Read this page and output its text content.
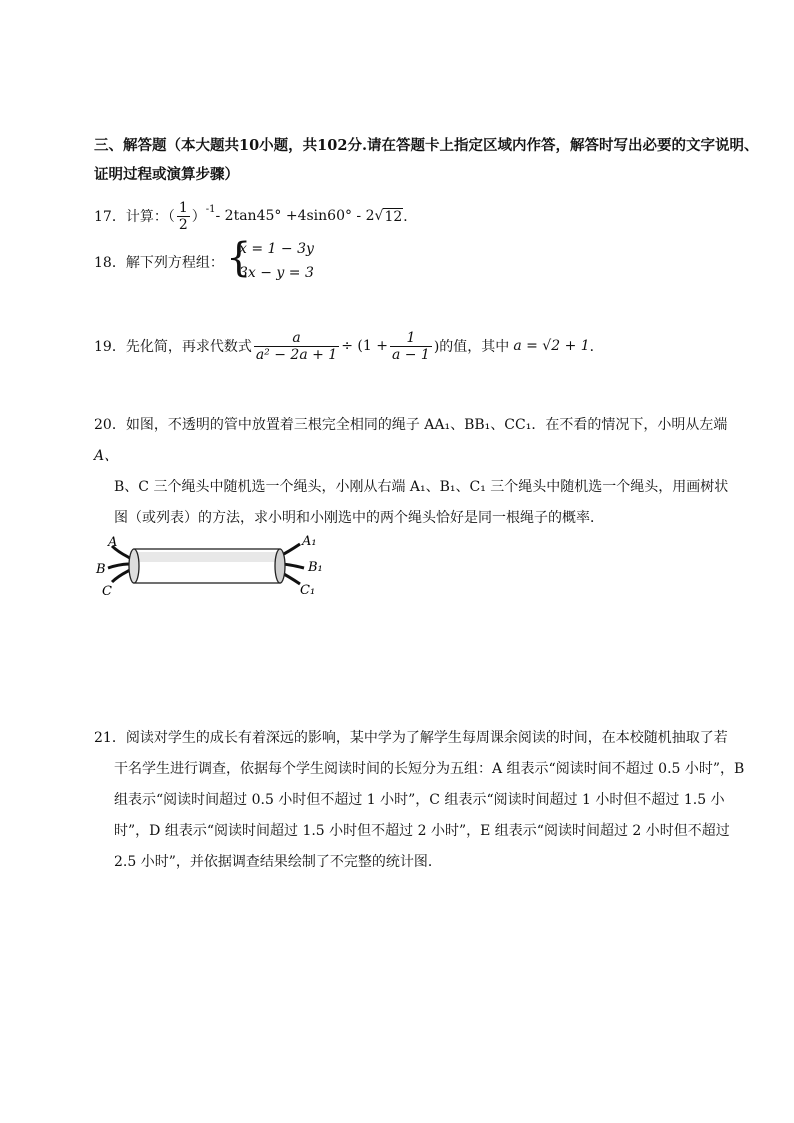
三、解答题（本大题共10小题，共102分.请在答题卡上指定区域内作答，解答时写出必要的文字说明、
证明过程或演算步骤）
17．计算：（ $\frac{1}{2} )^{-1} - 2\tan 45^\circ +4\sin 60^\circ - 2$ √ 12 ．
18．解下列方程组： {
x = 1 − 3y
3x − y = 3
19．先化简，再求代数式 $\frac{a}{\text{a² − 2a + 1}} \div (1 + \frac{1}{a - 1}$ )的值，其中 a = √2 + 1 ．
20．如图，不透明的管中放置着三根完全相同的绳子 AA₁、BB₁、CC₁．在不看的情况下，小明从左端
A、
B、C 三个绳头中随机选一个绳头，小刚从右端 A₁、B₁、C₁ 三个绳头中随机选一个绳头，用画树状
图（或列表）的方法，求小明和小刚选中的两个绳头恰好是同一根绳子的概率．
A
B
C
A₁
B₁
C₁
21．阅读对学生的成长有着深远的影响，某中学为了解学生每周课余阅读的时间，在本校随机抽取了若
干名学生进行调查，依据每个学生阅读时间的长短分为五组：A 组表示“阅读时间不超过 0.5 小时”，B
组表示“阅读时间超过 0.5 小时但不超过 1 小时”，C 组表示“阅读时间超过 1 小时但不超过 1.5 小
时”，D 组表示“阅读时间超过 1.5 小时但不超过 2 小时”，E 组表示“阅读时间超过 2 小时但不超过
2.5 小时”，并依据调查结果绘制了不完整的统计图．
